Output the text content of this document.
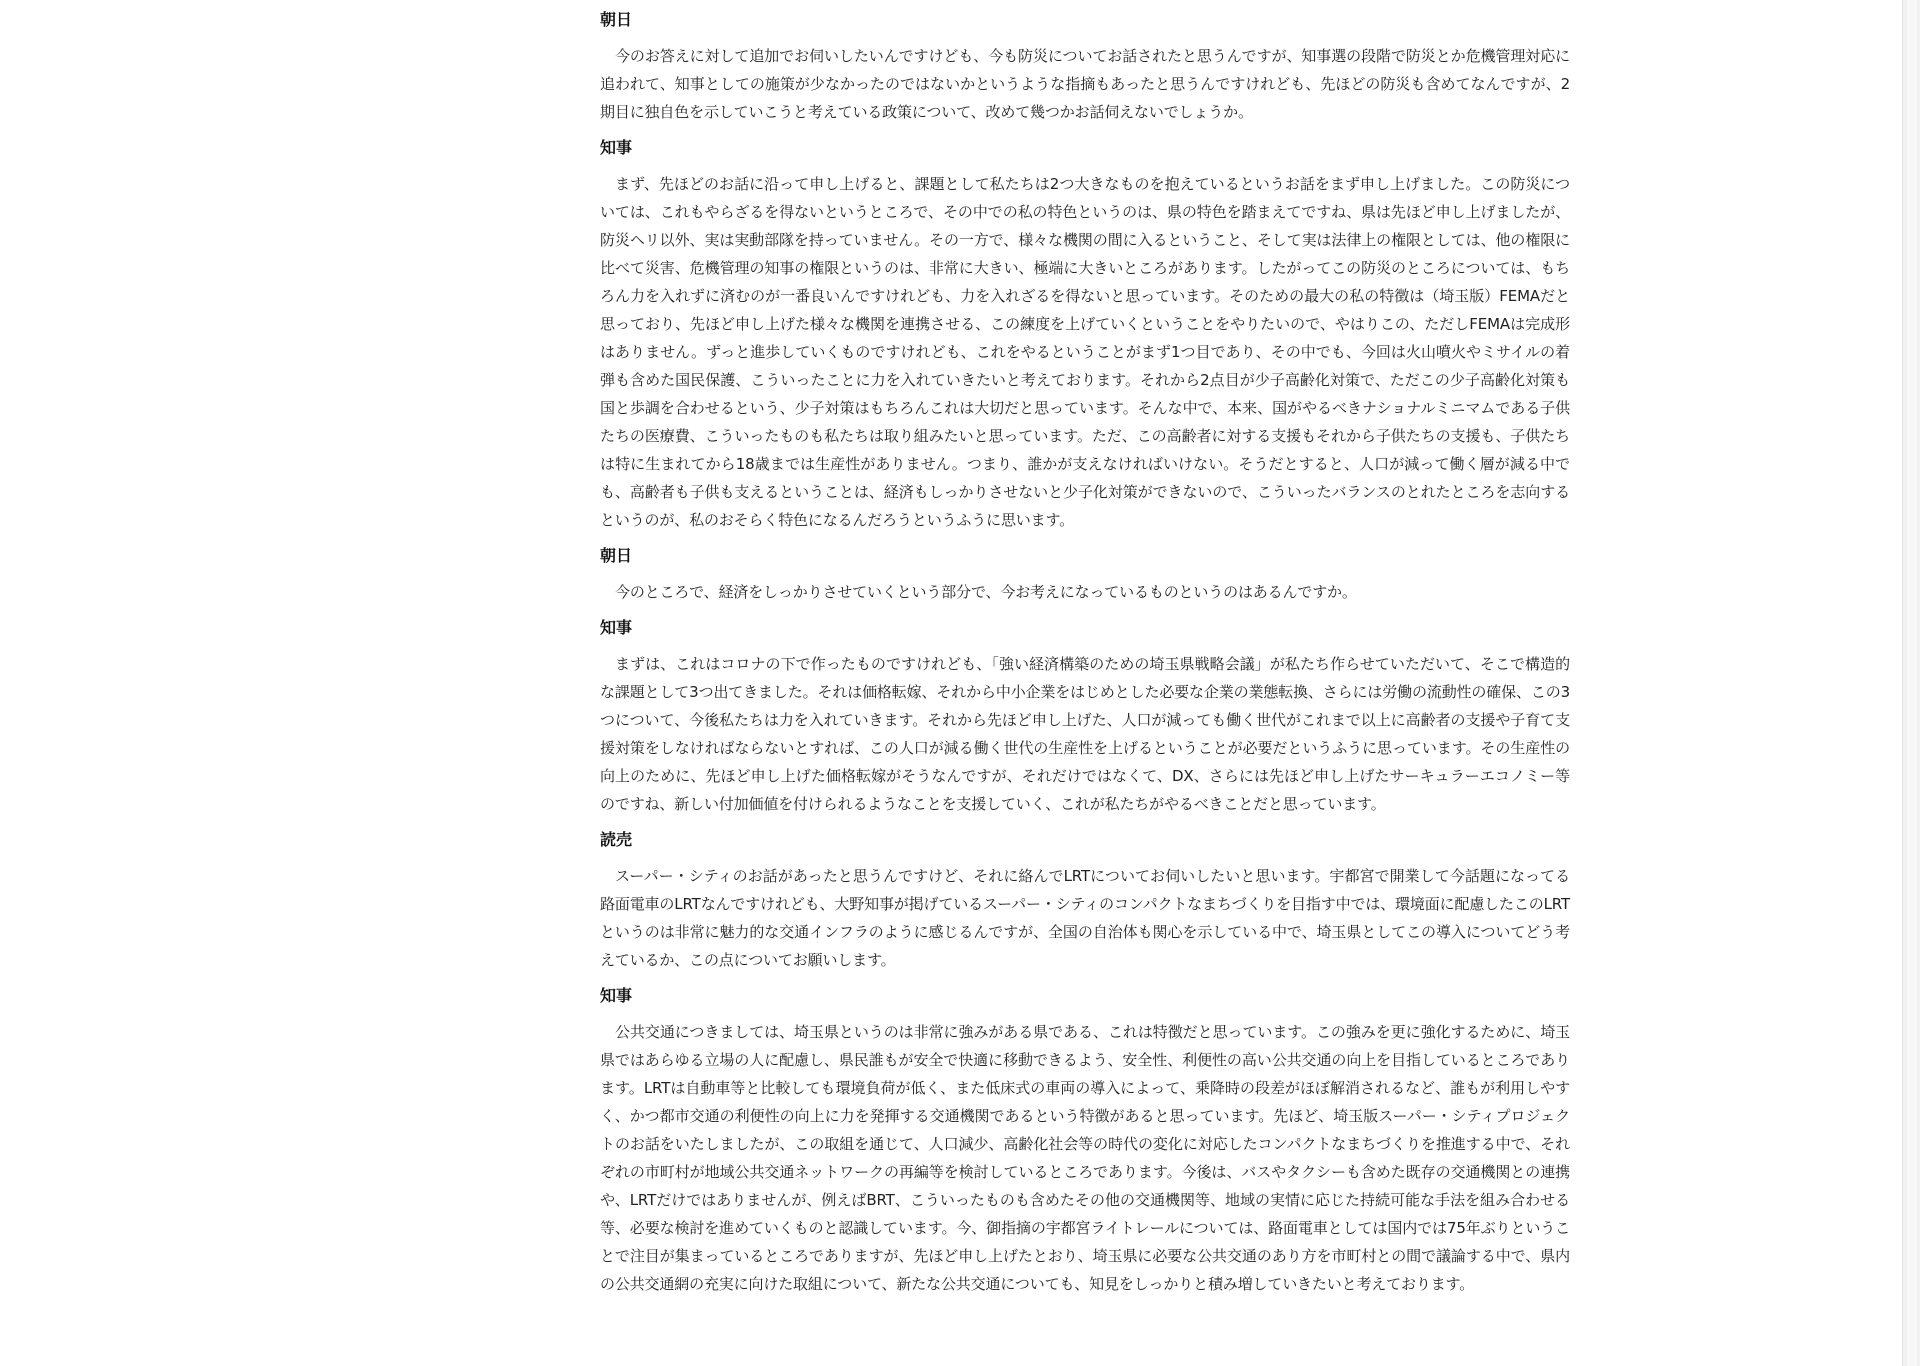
朝日

今のお答えに対して追加でお伺いしたいんですけども、今も防災についてお話されたと思うんですが、知事選の段階で防災とか危機管理対応に追われて、知事としての施策が少なかったのではないかというような指摘もあったと思うんですけれども、先ほどの防災も含めてなんですが、2期目に独自色を示していこうと考えている政策について、改めて幾つかお話伺えないでしょうか。

知事

まず、先ほどのお話に沿って申し上げると、課題として私たちは2つ大きなものを抱えているというお話をまず申し上げました。この防災については、これもやらざるを得ないというところで、その中での私の特色というのは、県の特色を踏まえてですね、県は先ほど申し上げましたが、防災ヘリ以外、実は実動部隊を持っていません。その一方で、様々な機関の間に入るということ、そして実は法律上の権限としては、他の権限に比べて災害、危機管理の知事の権限というのは、非常に大きい、極端に大きいところがあります。したがってこの防災のところについては、もちろん力を入れずに済むのが一番良いんですけれども、力を入れざるを得ないと思っています。そのための最大の私の特徴は（埼玉版）FEMAだと思っており、先ほど申し上げた様々な機関を連携させる、この練度を上げていくということをやりたいので、やはりこの、ただしFEMAは完成形はありません。ずっと進歩していくものですけれども、これをやるということがまず1つ目であり、その中でも、今回は火山噴火やミサイルの着弾も含めた国民保護、こういったことに力を入れていきたいと考えております。それから2点目が少子高齢化対策で、ただこの少子高齢化対策も国と歩調を合わせるという、少子対策はもちろんこれは大切だと思っています。そんな中で、本来、国がやるべきナショナルミニマムである子供たちの医療費、こういったものも私たちは取り組みたいと思っています。ただ、この高齢者に対する支援もそれから子供たちの支援も、子供たちは特に生まれてから18歳までは生産性がありません。つまり、誰かが支えなければいけない。そうだとすると、人口が減って働く層が減る中でも、高齢者も子供も支えるということは、経済もしっかりさせないと少子化対策ができないので、こういったバランスのとれたところを志向するというのが、私のおそらく特色になるんだろうというふうに思います。

朝日

今のところで、経済をしっかりさせていくという部分で、今お考えになっているものというのはあるんですか。

知事

まずは、これはコロナの下で作ったものですけれども、「強い経済構築のための埼玉県戦略会議」が私たち作らせていただいて、そこで構造的な課題として3つ出てきました。それは価格転嫁、それから中小企業をはじめとした必要な企業の業態転換、さらには労働の流動性の確保、この3つについて、今後私たちは力を入れていきます。それから先ほど申し上げた、人口が減っても働く世代がこれまで以上に高齢者の支援や子育て支援対策をしなければならないとすれば、この人口が減る働く世代の生産性を上げるということが必要だというふうに思っています。その生産性の向上のために、先ほど申し上げた価格転嫁がそうなんですが、それだけではなくて、DX、さらには先ほど申し上げたサーキュラーエコノミー等のですね、新しい付加価値を付けられるようなことを支援していく、これが私たちがやるべきことだと思っています。

読売

スーパー・シティのお話があったと思うんですけど、それに絡んでLRTについてお伺いしたいと思います。宇都宮で開業して今話題になってる路面電車のLRTなんですけれども、大野知事が掲げているスーパー・シティのコンパクトなまちづくりを目指す中では、環境面に配慮したこのLRTというのは非常に魅力的な交通インフラのように感じるんですが、全国の自治体も関心を示している中で、埼玉県としてこの導入についてどう考えているか、この点についてお願いします。

知事

公共交通につきましては、埼玉県というのは非常に強みがある県である、これは特徴だと思っています。この強みを更に強化するために、埼玉県ではあらゆる立場の人に配慮し、県民誰もが安全で快適に移動できるよう、安全性、利便性の高い公共交通の向上を目指しているところであります。LRTは自動車等と比較しても環境負荷が低く、また低床式の車両の導入によって、乗降時の段差がほぼ解消されるなど、誰もが利用しやすく、かつ都市交通の利便性の向上に力を発揮する交通機関であるという特徴があると思っています。先ほど、埼玉版スーパー・シティプロジェクトのお話をいたしましたが、この取組を通じて、人口減少、高齢化社会等の時代の変化に対応したコンパクトなまちづくりを推進する中で、それぞれの市町村が地域公共交通ネットワークの再編等を検討しているところであります。今後は、バスやタクシーも含めた既存の交通機関との連携や、LRTだけではありませんが、例えばBRT、こういったものも含めたその他の交通機関等、地域の実情に応じた持続可能な手法を組み合わせる等、必要な検討を進めていくものと認識しています。今、御指摘の宇都宮ライトレールについては、路面電車としては国内では75年ぶりということで注目が集まっているところでありますが、先ほど申し上げたとおり、埼玉県に必要な公共交通のあり方を市町村との間で議論する中で、県内の公共交通網の充実に向けた取組について、新たな公共交通についても、知見をしっかりと積み増していきたいと考えております。
